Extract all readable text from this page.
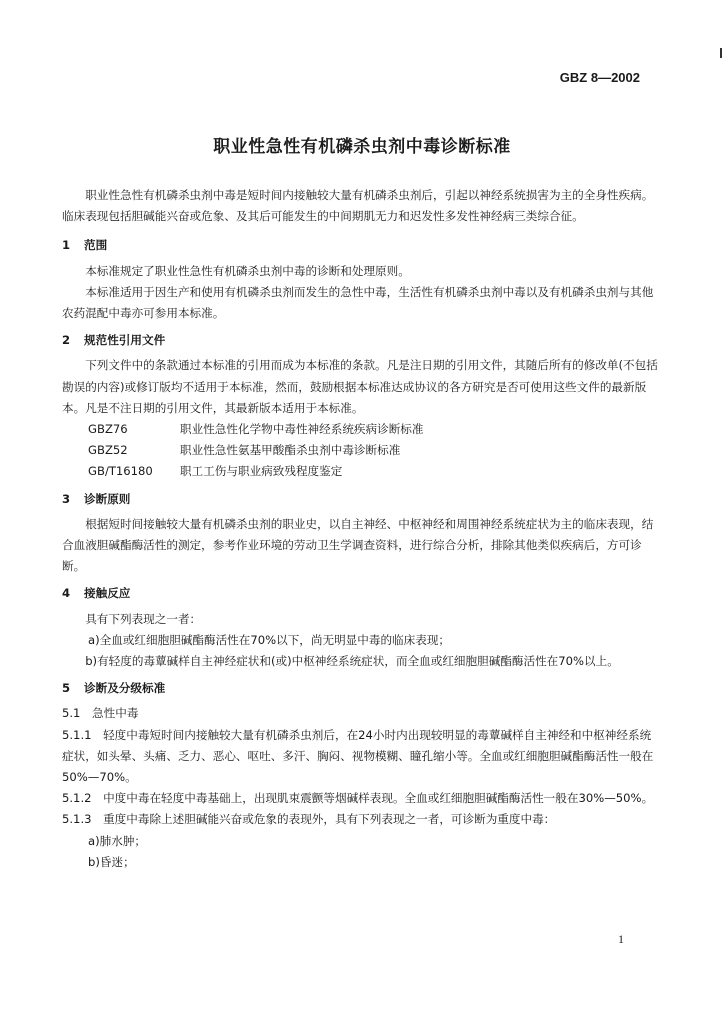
GBZ 8—2002
职业性急性有机磷杀虫剂中毒诊断标准

职业性急性有机磷杀虫剂中毒是短时间内接触较大量有机磷杀虫剂后，引起以神经系统损害为主的全身性疾病。临床表现包括胆碱能兴奋或危象、及其后可能发生的中间期肌无力和迟发性多发性神经病三类综合征。

1 范围

本标准规定了职业性急性有机磷杀虫剂中毒的诊断和处理原则。

本标准适用于因生产和使用有机磷杀虫剂而发生的急性中毒，生活性有机磷杀虫剂中毒以及有机磷杀虫剂与其他农药混配中毒亦可参用本标准。

2 规范性引用文件

下列文件中的条款通过本标准的引用而成为本标准的条款。凡是注日期的引用文件，其随后所有的修改单(不包括勘误的内容)或修订版均不适用于本标准，然而，鼓励根据本标准达成协议的各方研究是否可使用这些文件的最新版本。凡是不注日期的引用文件，其最新版本适用于本标准。

GBZ76	职业性急性化学物中毒性神经系统疾病诊断标准
GBZ52	职业性急性氨基甲酸酯杀虫剂中毒诊断标准
GB/T16180	职工工伤与职业病致残程度鉴定

3 诊断原则

根据短时间接触较大量有机磷杀虫剂的职业史，以自主神经、中枢神经和周围神经系统症状为主的临床表现，结合血液胆碱酯酶活性的测定，参考作业环境的劳动卫生学调查资料，进行综合分析，排除其他类似疾病后，方可诊断。

4 接触反应

具有下列表现之一者：

a)全血或红细胞胆碱酯酶活性在70%以下，尚无明显中毒的临床表现；

b)有轻度的毒蕈碱样自主神经症状和(或)中枢神经系统症状，而全血或红细胞胆碱酯酶活性在70%以上。

5 诊断及分级标准

5.1　急性中毒

5.1.1　轻度中毒短时间内接触较大量有机磷杀虫剂后，在24小时内出现较明显的毒蕈碱样自主神经和中枢神经系统症状，如头晕、头痛、乏力、恶心、呕吐、多汗、胸闷、视物模糊、瞳孔缩小等。全血或红细胞胆碱酯酶活性一般在50%—70%。

5.1.2　中度中毒在轻度中毒基础上，出现肌束震颤等烟碱样表现。全血或红细胞胆碱酯酶活性一般在30%—50%。

5.1.3　重度中毒除上述胆碱能兴奋或危象的表现外，具有下列表现之一者，可诊断为重度中毒：

a)肺水肿；

b)昏迷；

1
